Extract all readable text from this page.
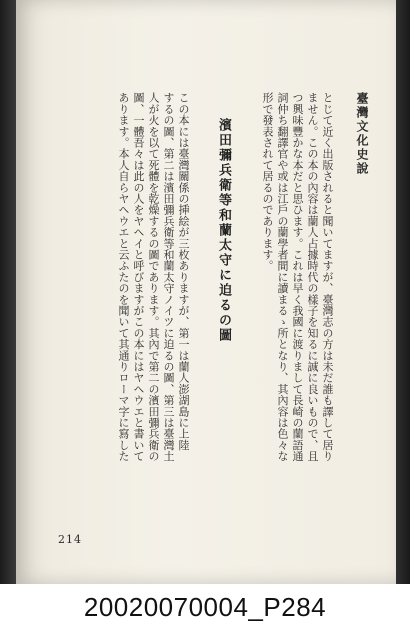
臺灣文化史說
とじて近く出版されると聞いてますが、臺灣志の方は未だ誰も譯して居り
ません。この本の內容は蘭人占據時代の樣子を知るに誠に良いもので、且
つ興味豐かな本だと思ひます。これは早く我國に渡りまして長崎の蘭語通
詞仲ち翻譯官や或は江戶の蘭學者間に讀まるゝ所となり、其內容は色々な
形で發表されて居るのであります。
濱田彌兵衛等和蘭太守に迫るの圖
この本には臺灣關係の挿絵が三枚ありますが、第一は蘭人澎湖島に上陸
するの圖、第二は濱田彌兵衛等和蘭太守ノイツに迫るの圖、第三は臺灣土
人が火を以て死體を乾燥するの圖であります。其內で第二の濱田彌兵衛の
圖、一體吾々は此の人をヤヘイと呼びますがこの本にはヤヘウエと書いて
あります。本人自らヤヘウエと云ふたのを聞いて其通りローマ字に寫した
214
20020070004_P284
